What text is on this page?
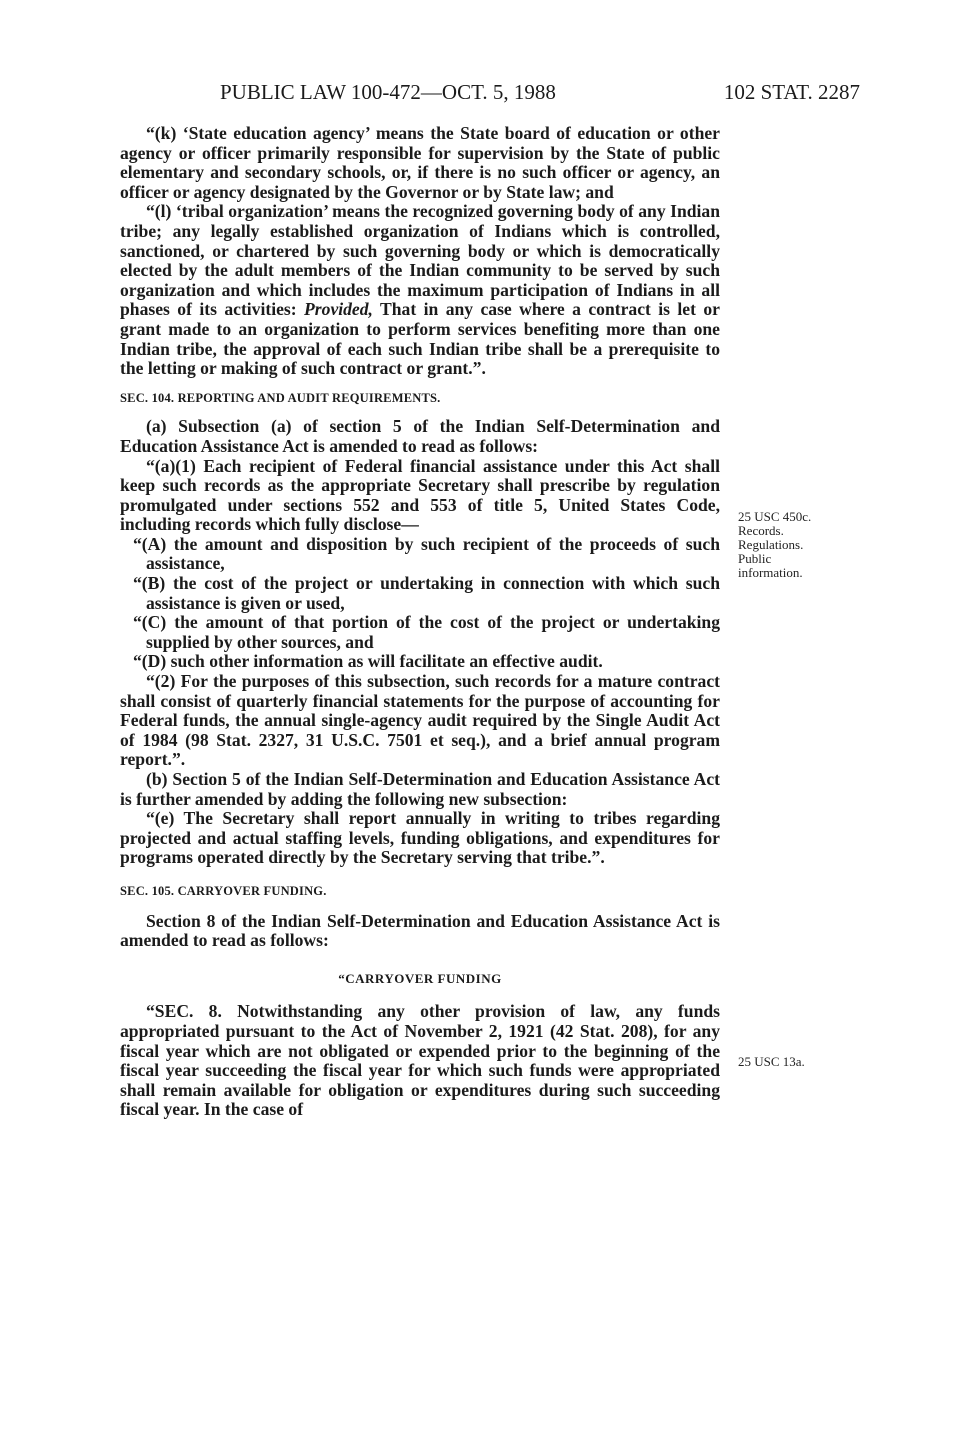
PUBLIC LAW 100-472—OCT. 5, 1988	102 STAT. 2287

“(k) ‘State education agency’ means the State board of education or other agency or officer primarily responsible for supervision by the State of public elementary and secondary schools, or, if there is no such officer or agency, an officer or agency designated by the Governor or by State law; and

“(l) ‘tribal organization’ means the recognized governing body of any Indian tribe; any legally established organization of Indians which is controlled, sanctioned, or chartered by such governing body or which is democratically elected by the adult members of the Indian community to be served by such organization and which includes the maximum participation of Indians in all phases of its activities: Provided, That in any case where a contract is let or grant made to an organization to perform services benefiting more than one Indian tribe, the approval of each such Indian tribe shall be a prerequisite to the letting or making of such contract or grant.”.

SEC. 104. REPORTING AND AUDIT REQUIREMENTS.

(a) Subsection (a) of section 5 of the Indian Self-Determination and Education Assistance Act is amended to read as follows:

“(a)(1) Each recipient of Federal financial assistance under this Act shall keep such records as the appropriate Secretary shall prescribe by regulation promulgated under sections 552 and 553 of title 5, United States Code, including records which fully disclose—

“(A) the amount and disposition by such recipient of the proceeds of such assistance,

“(B) the cost of the project or undertaking in connection with which such assistance is given or used,

“(C) the amount of that portion of the cost of the project or undertaking supplied by other sources, and

“(D) such other information as will facilitate an effective audit.

“(2) For the purposes of this subsection, such records for a mature contract shall consist of quarterly financial statements for the purpose of accounting for Federal funds, the annual single-agency audit required by the Single Audit Act of 1984 (98 Stat. 2327, 31 U.S.C. 7501 et seq.), and a brief annual program report.”.

(b) Section 5 of the Indian Self-Determination and Education Assistance Act is further amended by adding the following new subsection:

“(e) The Secretary shall report annually in writing to tribes regarding projected and actual staffing levels, funding obligations, and expenditures for programs operated directly by the Secretary serving that tribe.”.

SEC. 105. CARRYOVER FUNDING.

Section 8 of the Indian Self-Determination and Education Assistance Act is amended to read as follows:

“CARRYOVER FUNDING

“SEC. 8. Notwithstanding any other provision of law, any funds appropriated pursuant to the Act of November 2, 1921 (42 Stat. 208), for any fiscal year which are not obligated or expended prior to the beginning of the fiscal year succeeding the fiscal year for which such funds were appropriated shall remain available for obligation or expenditures during such succeeding fiscal year. In the case of

25 USC 450c.
Records.
Regulations.
Public
information.
25 USC 13a.
